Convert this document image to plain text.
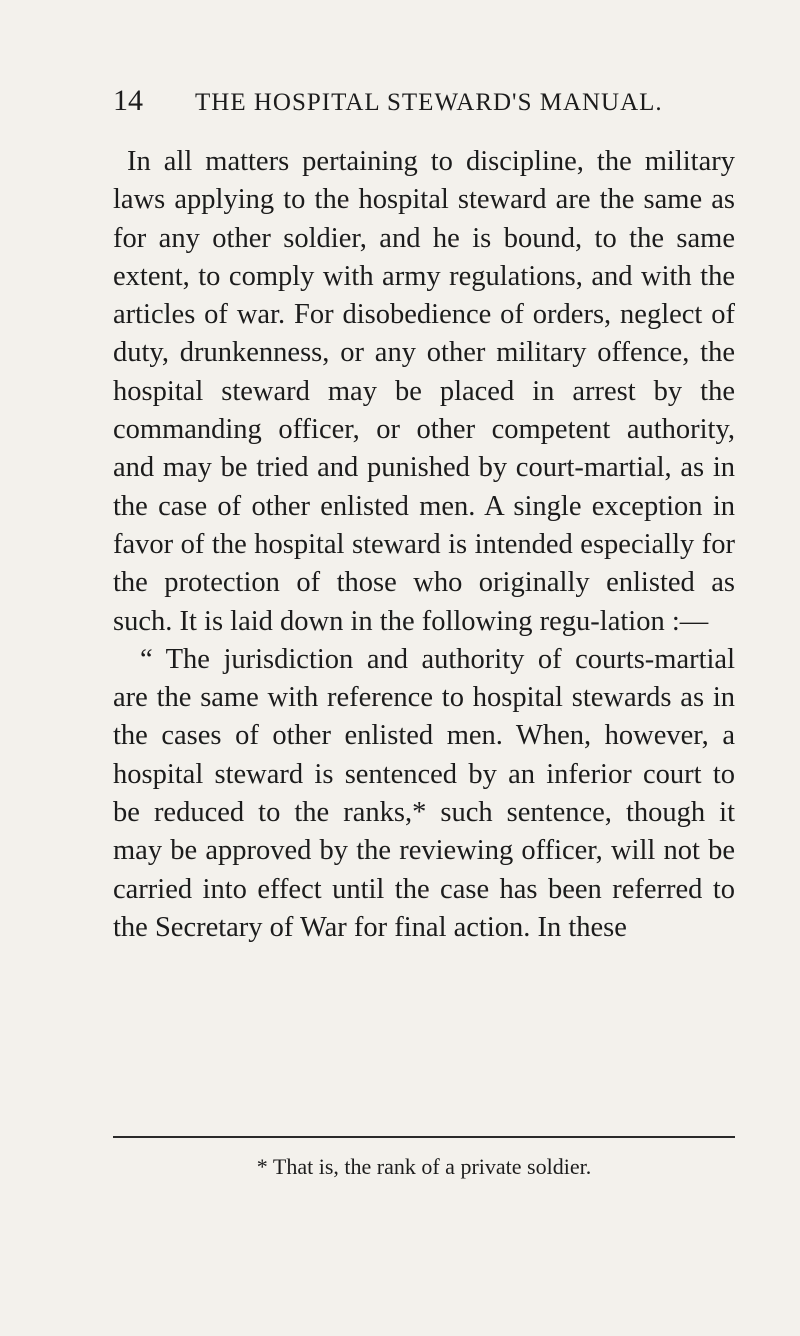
14	THE HOSPITAL STEWARD'S MANUAL.

In all matters pertaining to discipline, the military laws applying to the hospital steward are the same as for any other soldier, and he is bound, to the same extent, to comply with army regulations, and with the articles of war. For disobedience of orders, neglect of duty, drunkenness, or any other military offence, the hospital steward may be placed in arrest by the commanding officer, or other competent authority, and may be tried and punished by court-martial, as in the case of other enlisted men. A single exception in favor of the hospital steward is intended especially for the protection of those who originally enlisted as such. It is laid down in the following regu-lation :—

“ The jurisdiction and authority of courts-martial are the same with reference to hospital stewards as in the cases of other enlisted men. When, however, a hospital steward is sentenced by an inferior court to be reduced to the ranks,* such sentence, though it may be approved by the reviewing officer, will not be carried into effect until the case has been referred to the Secretary of War for final action. In these

* That is, the rank of a private soldier.
